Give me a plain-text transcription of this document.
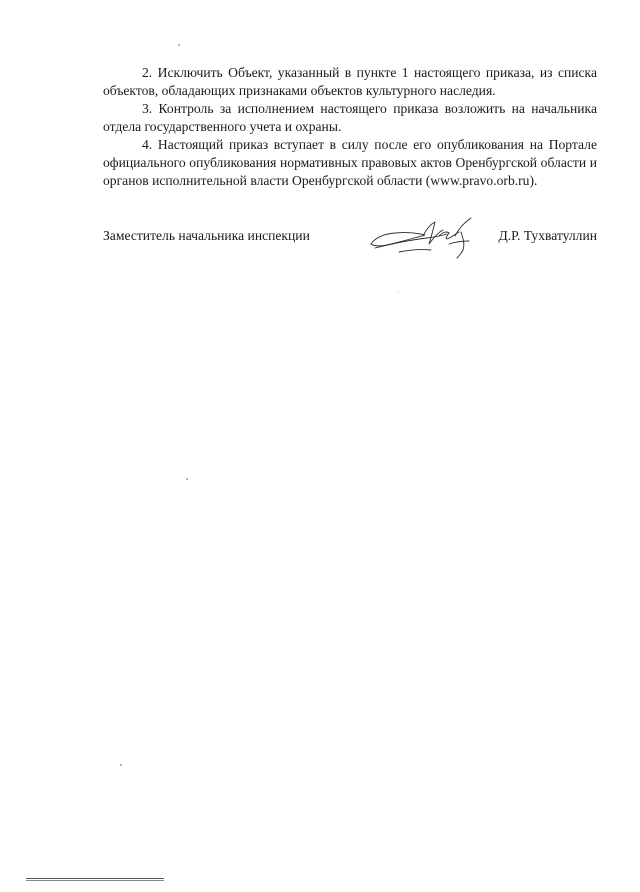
2. Исключить Объект, указанный в пункте 1 настоящего приказа, из списка объектов, обладающих признаками объектов культурного наследия.

3. Контроль за исполнением настоящего приказа возложить на начальника отдела государственного учета и охраны.

4. Настоящий приказ вступает в силу после его опубликования на Портале официального опубликования нормативных правовых актов Оренбургской области и органов исполнительной власти Оренбургской области (www.pravo.orb.ru).

Заместитель начальника инспекции	Д.Р. Тухватуллин
